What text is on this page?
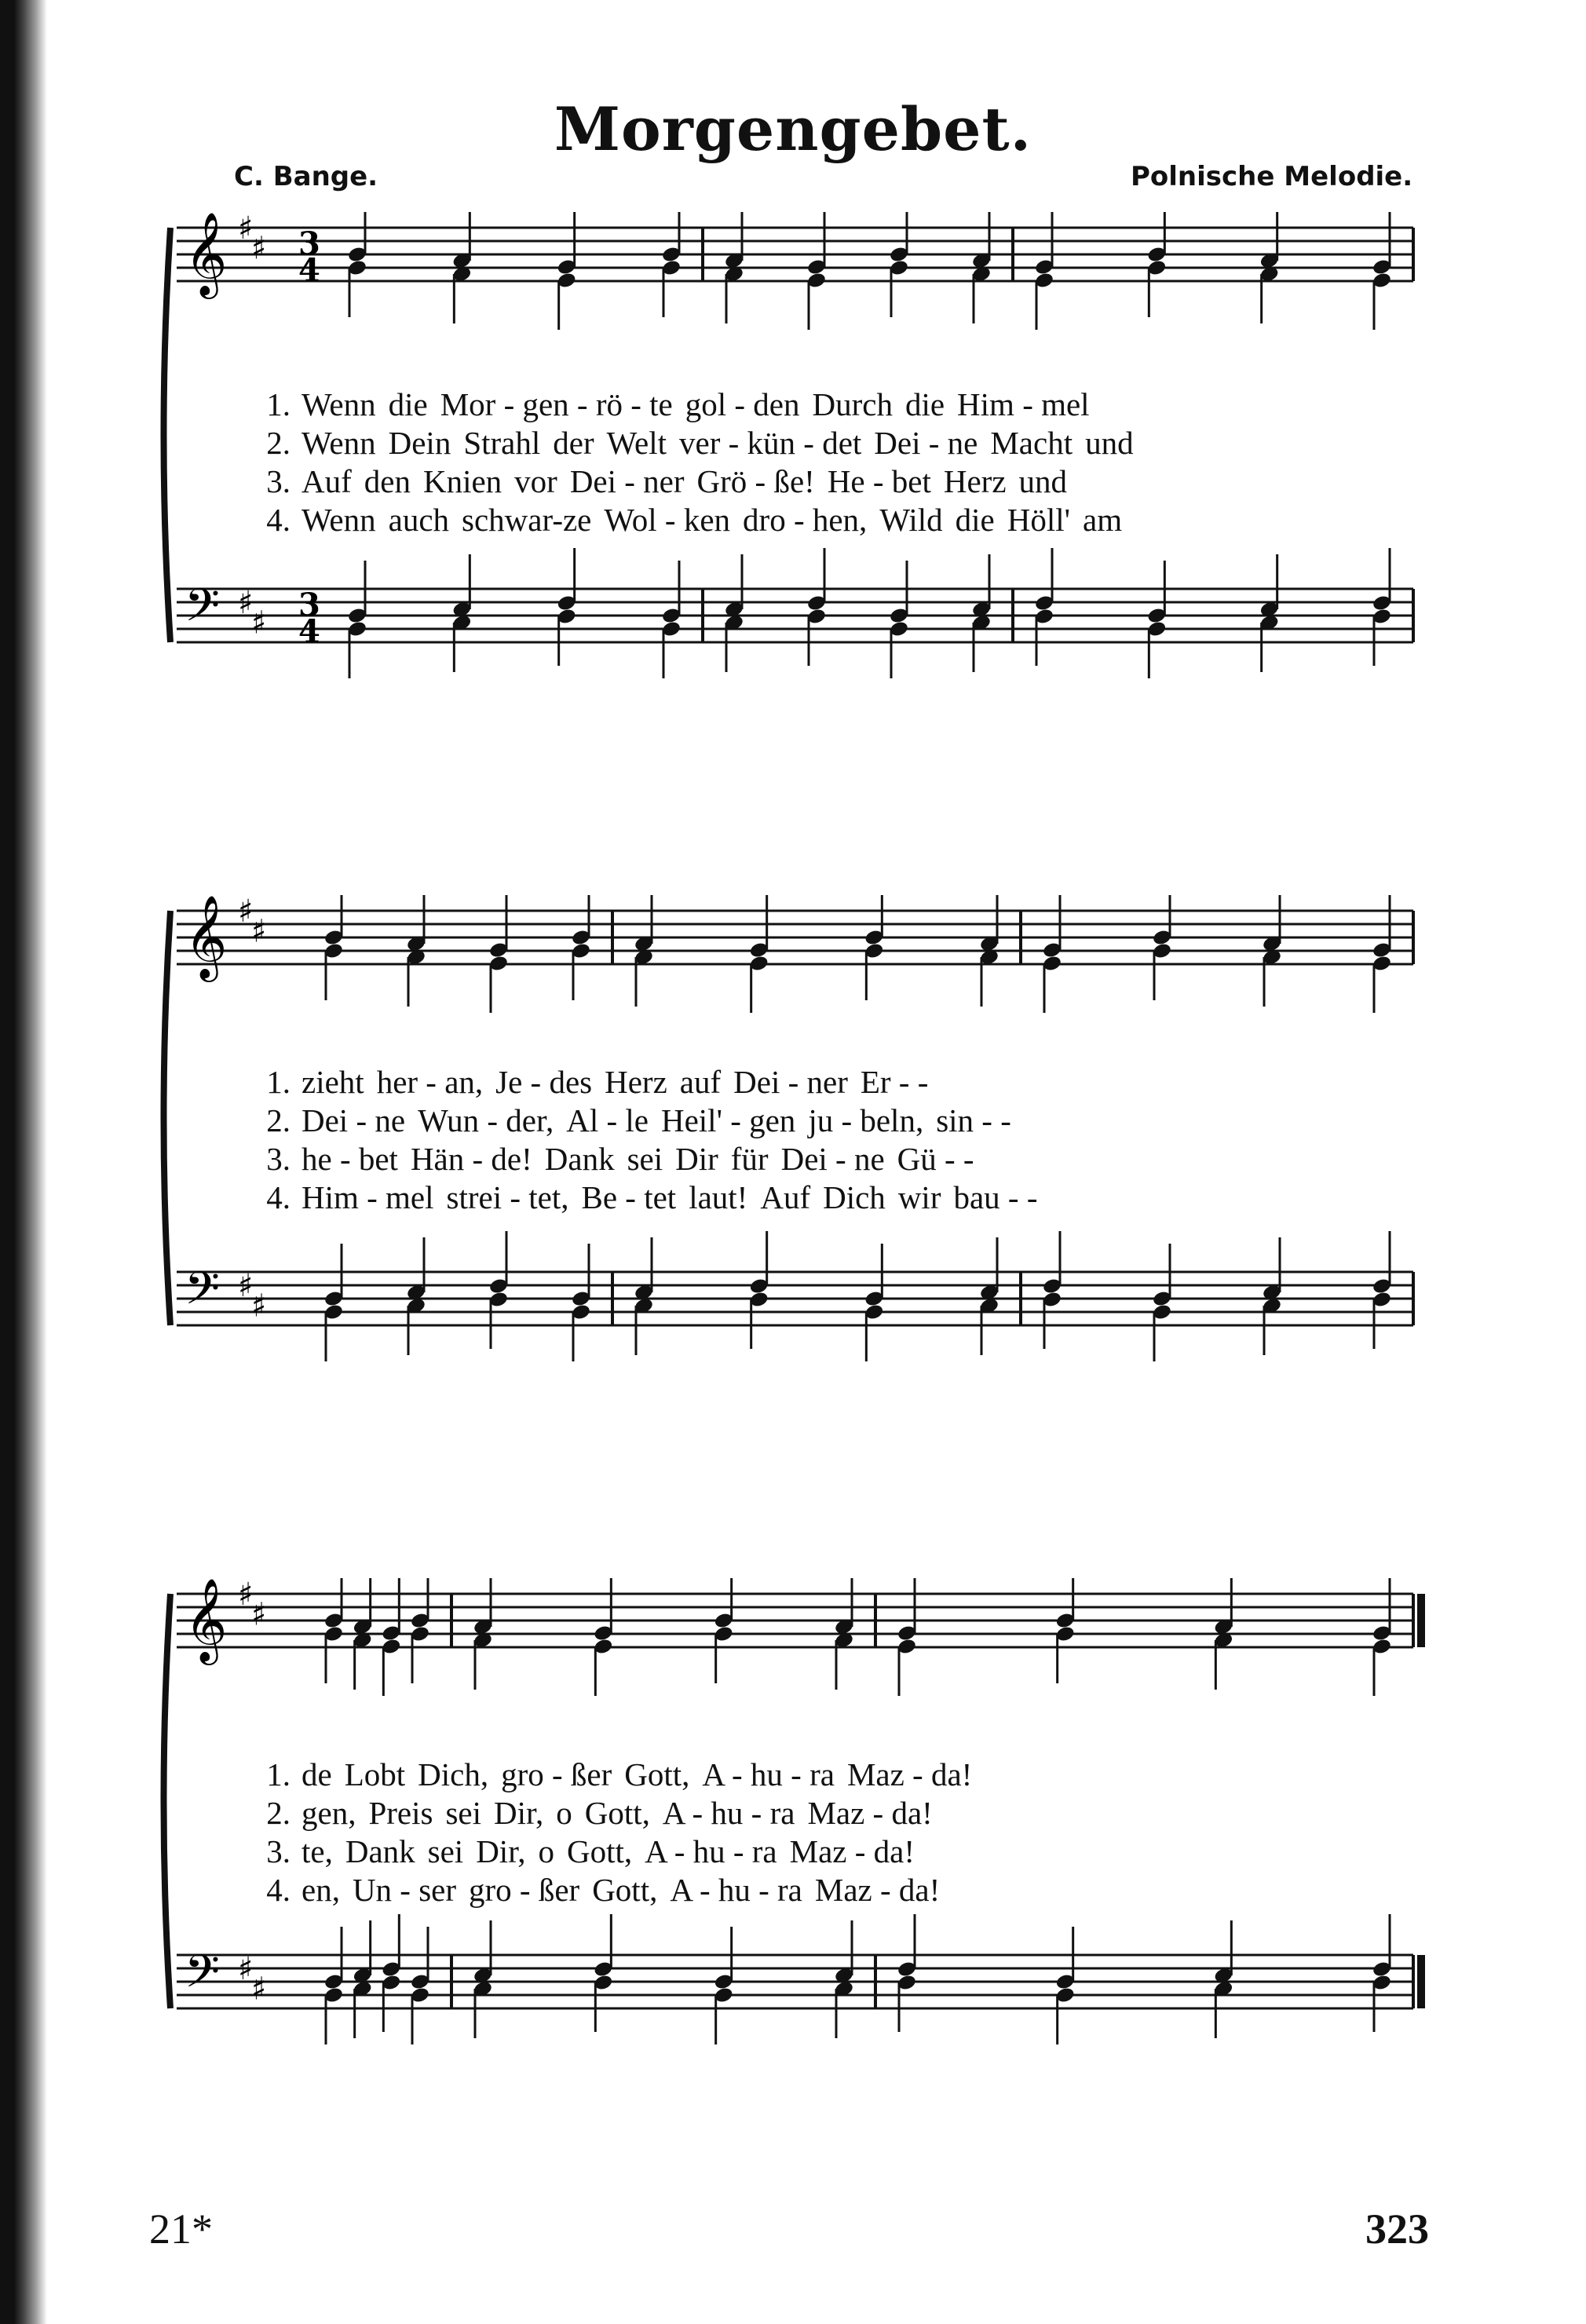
Morgengebet.
C. Bange.	Polnische Melodie.
𝄞 ♯
♯ 3
4
𝄢 ♯
♯ 3
4
1. Wenn die Mor - gen - rö - te gol - den Durch die Him - mel
2. Wenn Dein Strahl der Welt ver - kün - det Dei - ne Macht und
3. Auf den Knien vor Dei - ner Grö - ße! He - bet Herz und
4. Wenn auch schwar-ze Wol - ken dro - hen, Wild die Höll' am
𝄞 ♯
♯
𝄢 ♯
♯
1. zieht her - an, Je - des Herz auf Dei - ner Er - -
2. Dei - ne Wun - der, Al - le Heil' - gen ju - beln, sin - -
3. he - bet Hän - de! Dank sei Dir für Dei - ne Gü - -
4. Him - mel strei - tet, Be - tet laut! Auf Dich wir bau - -
𝄞 ♯
♯
𝄢 ♯
♯
1. de Lobt Dich, gro - ßer Gott, A - hu - ra Maz - da!
2. gen, Preis sei Dir, o Gott, A - hu - ra Maz - da!
3. te, Dank sei Dir, o Gott, A - hu - ra Maz - da!
4. en, Un - ser gro - ßer Gott, A - hu - ra Maz - da!
21*	323
